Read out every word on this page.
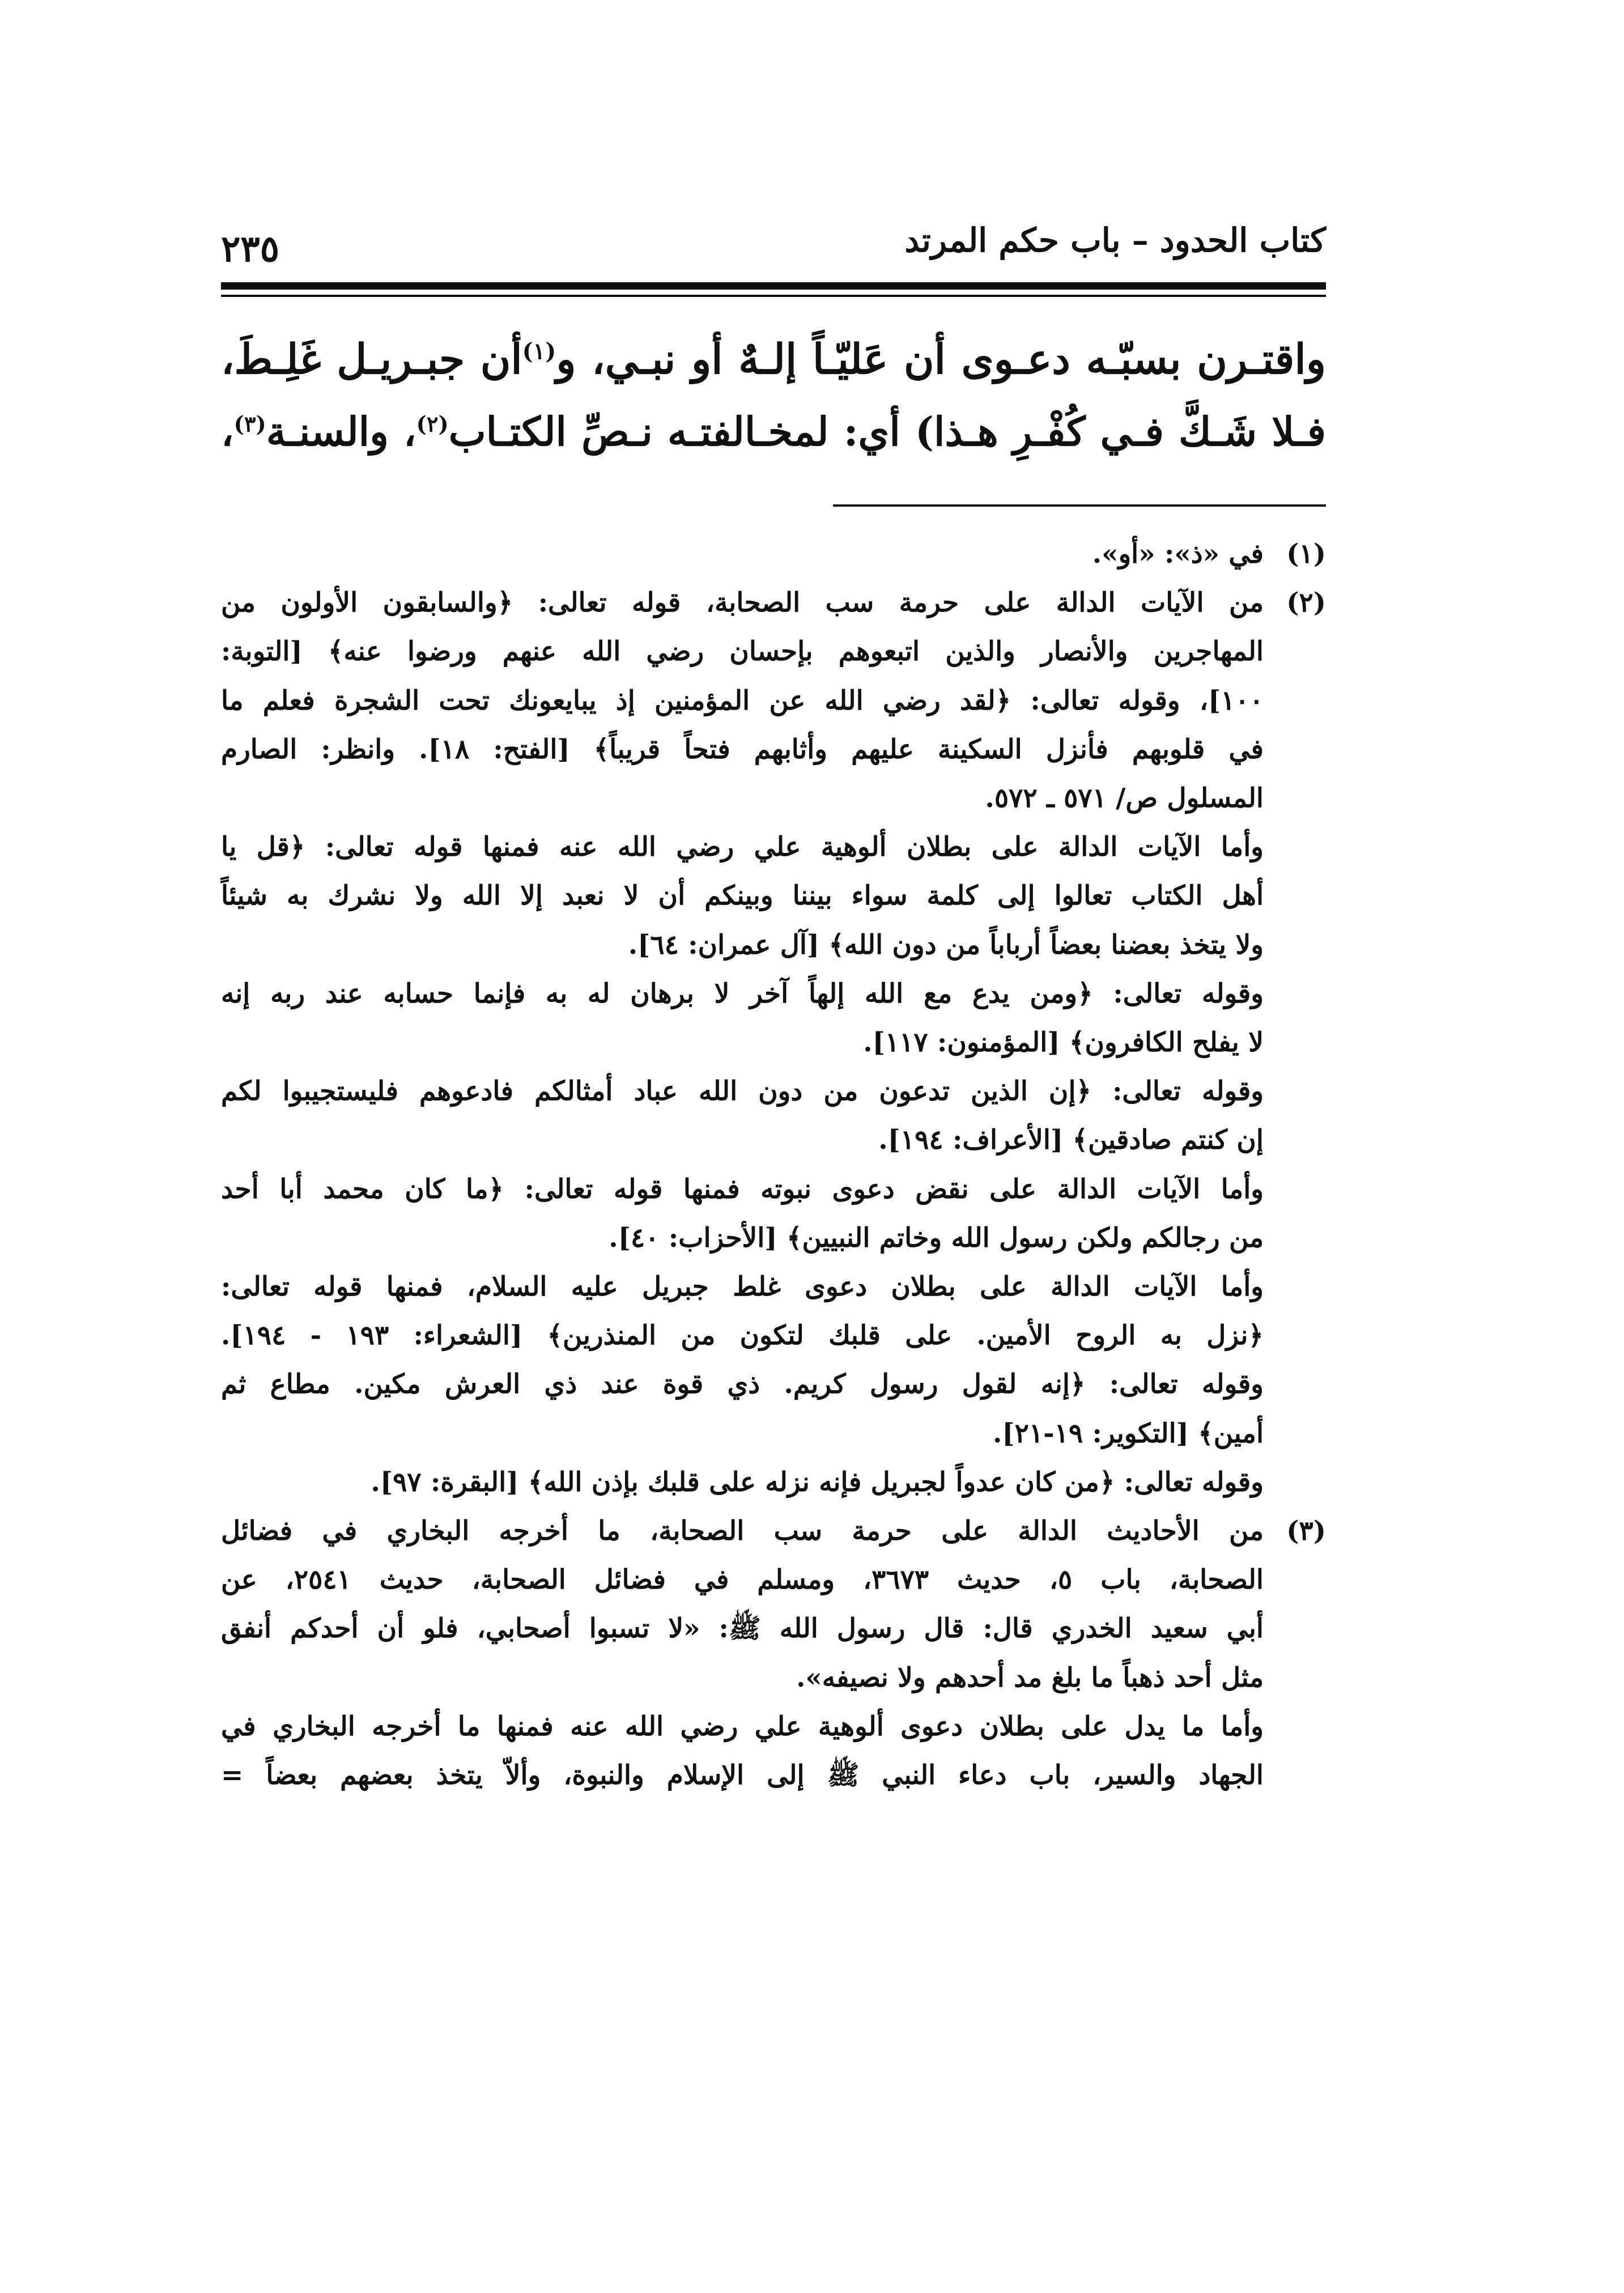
كتاب الحدود – باب حكم المرتد
٢٣٥

واقتـرن بسبّـه دعـوى أن عَليّـاً إلـهٌ أو نبـي، و$^{(١)}$أن جبـريـل غَلِـطَ،

فـلا شَـكَّ فـي كُفْـرِ هـذا) أي: لمخـالفتـه نـصِّ الكتـاب$^{(٢)}$، والسنـة$^{(٣)}$،

(١)
في «ذ»: «أو».
(٢)
من الآيات الدالة على حرمة سب الصحابة، قوله تعالى: ﴿والسابقون الأولون من
المهاجرين والأنصار والذين اتبعوهم بإحسان رضي الله عنهم ورضوا عنه﴾ [التوبة:
١٠٠]، وقوله تعالى: ﴿لقد رضي الله عن المؤمنين إذ يبايعونك تحت الشجرة فعلم ما
في قلوبهم فأنزل السكينة عليهم وأثابهم فتحاً قريباً﴾ [الفتح: ١٨]. وانظر: الصارم
المسلول ص/ ٥٧١ ـ ٥٧٢.
وأما الآيات الدالة على بطلان ألوهية علي رضي الله عنه فمنها قوله تعالى: ﴿قل يا
أهل الكتاب تعالوا إلى كلمة سواء بيننا وبينكم أن لا نعبد إلا الله ولا نشرك به شيئاً
ولا يتخذ بعضنا بعضاً أرباباً من دون الله﴾ [آل عمران: ٦٤].
وقوله تعالى: ﴿ومن يدع مع الله إلهاً آخر لا برهان له به فإنما حسابه عند ربه إنه
لا يفلح الكافرون﴾ [المؤمنون: ١١٧].
وقوله تعالى: ﴿إن الذين تدعون من دون الله عباد أمثالكم فادعوهم فليستجيبوا لكم
إن كنتم صادقين﴾ [الأعراف: ١٩٤].
وأما الآيات الدالة على نقض دعوى نبوته فمنها قوله تعالى: ﴿ما كان محمد أبا أحد
من رجالكم ولكن رسول الله وخاتم النبيين﴾ [الأحزاب: ٤٠].
وأما الآيات الدالة على بطلان دعوى غلط جبريل عليه السلام، فمنها قوله تعالى:
﴿نزل به الروح الأمين. على قلبك لتكون من المنذرين﴾ [الشعراء: ١٩٣ - ١٩٤].
وقوله تعالى: ﴿إنه لقول رسول كريم. ذي قوة عند ذي العرش مكين. مطاع ثم
أمين﴾ [التكوير: ١٩-٢١].
وقوله تعالى: ﴿من كان عدواً لجبريل فإنه نزله على قلبك بإذن الله﴾ [البقرة: ٩٧].
(٣)
من الأحاديث الدالة على حرمة سب الصحابة، ما أخرجه البخاري في فضائل
الصحابة، باب ٥، حديث ٣٦٧٣، ومسلم في فضائل الصحابة، حديث ٢٥٤١، عن
أبي سعيد الخدري قال: قال رسول الله ﷺ: «لا تسبوا أصحابي، فلو أن أحدكم أنفق
مثل أحد ذهباً ما بلغ مد أحدهم ولا نصيفه».
وأما ما يدل على بطلان دعوى ألوهية علي رضي الله عنه فمنها ما أخرجه البخاري في
الجهاد والسير، باب دعاء النبي ﷺ إلى الإسلام والنبوة، وألاّ يتخذ بعضهم بعضاً =
